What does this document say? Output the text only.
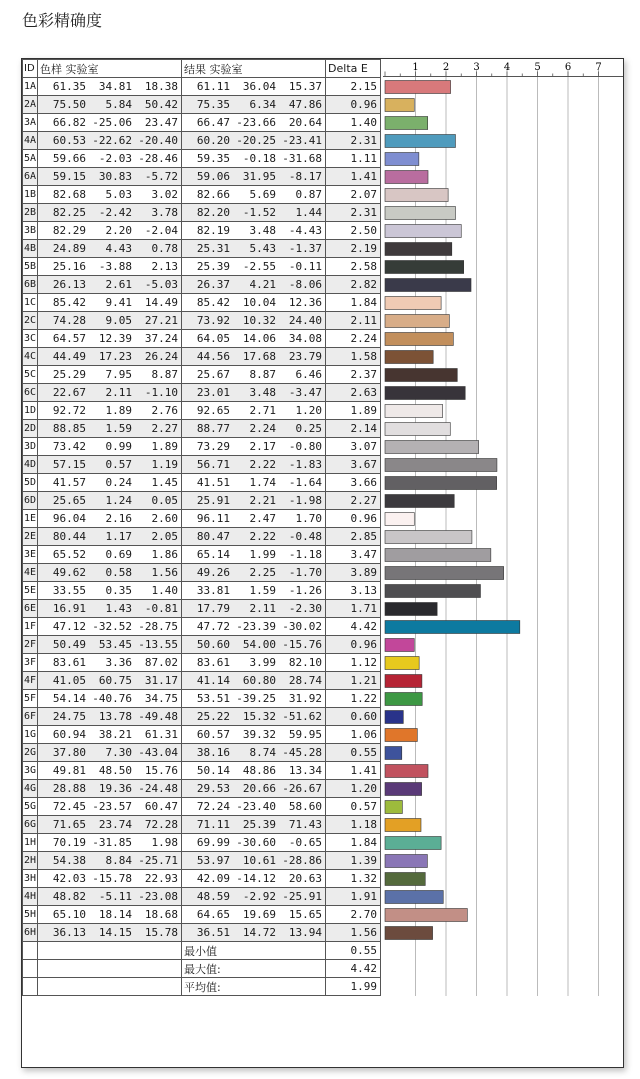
色彩精确度
ID	色样 实验室	结果 实验室	Delta E
1A	61.35 34.81 18.38	61.11 36.04 15.37	2.15
2A	75.50 5.84 50.42	75.35 6.34 47.86	0.96
3A	66.82 -25.06 23.47	66.47 -23.66 20.64	1.40
4A	60.53 -22.62 -20.40	60.20 -20.25 -23.41	2.31
5A	59.66 -2.03 -28.46	59.35 -0.18 -31.68	1.11
6A	59.15 30.83 -5.72	59.06 31.95 -8.17	1.41
1B	82.68 5.03 3.02	82.66 5.69 0.87	2.07
2B	82.25 -2.42 3.78	82.20 -1.52 1.44	2.31
3B	82.29 2.20 -2.04	82.19 3.48 -4.43	2.50
4B	24.89 4.43 0.78	25.31 5.43 -1.37	2.19
5B	25.16 -3.88 2.13	25.39 -2.55 -0.11	2.58
6B	26.13 2.61 -5.03	26.37 4.21 -8.06	2.82
1C	85.42 9.41 14.49	85.42 10.04 12.36	1.84
2C	74.28 9.05 27.21	73.92 10.32 24.40	2.11
3C	64.57 12.39 37.24	64.05 14.06 34.08	2.24
4C	44.49 17.23 26.24	44.56 17.68 23.79	1.58
5C	25.29 7.95 8.87	25.67 8.87 6.46	2.37
6C	22.67 2.11 -1.10	23.01 3.48 -3.47	2.63
1D	92.72 1.89 2.76	92.65 2.71 1.20	1.89
2D	88.85 1.59 2.27	88.77 2.24 0.25	2.14
3D	73.42 0.99 1.89	73.29 2.17 -0.80	3.07
4D	57.15 0.57 1.19	56.71 2.22 -1.83	3.67
5D	41.57 0.24 1.45	41.51 1.74 -1.64	3.66
6D	25.65 1.24 0.05	25.91 2.21 -1.98	2.27
1E	96.04 2.16 2.60	96.11 2.47 1.70	0.96
2E	80.44 1.17 2.05	80.47 2.22 -0.48	2.85
3E	65.52 0.69 1.86	65.14 1.99 -1.18	3.47
4E	49.62 0.58 1.56	49.26 2.25 -1.70	3.89
5E	33.55 0.35 1.40	33.81 1.59 -1.26	3.13
6E	16.91 1.43 -0.81	17.79 2.11 -2.30	1.71
1F	47.12 -32.52 -28.75	47.72 -23.39 -30.02	4.42
2F	50.49 53.45 -13.55	50.60 54.00 -15.76	0.96
3F	83.61 3.36 87.02	83.61 3.99 82.10	1.12
4F	41.05 60.75 31.17	41.14 60.80 28.74	1.21
5F	54.14 -40.76 34.75	53.51 -39.25 31.92	1.22
6F	24.75 13.78 -49.48	25.22 15.32 -51.62	0.60
1G	60.94 38.21 61.31	60.57 39.32 59.95	1.06
2G	37.80 7.30 -43.04	38.16 8.74 -45.28	0.55
3G	49.81 48.50 15.76	50.14 48.86 13.34	1.41
4G	28.88 19.36 -24.48	29.53 20.66 -26.67	1.20
5G	72.45 -23.57 60.47	72.24 -23.40 58.60	0.57
6G	71.65 23.74 72.28	71.11 25.39 71.43	1.18
1H	70.19 -31.85 1.98	69.99 -30.60 -0.65	1.84
2H	54.38 8.84 -25.71	53.97 10.61 -28.86	1.39
3H	42.03 -15.78 22.93	42.09 -14.12 20.63	1.32
4H	48.82 -5.11 -23.08	48.59 -2.92 -25.91	1.91
5H	65.10 18.14 18.68	64.65 19.69 15.65	2.70
6H	36.13 14.15 15.78	36.51 14.72 13.94	1.56
		最小值	0.55
		最大值:	4.42
		平均值:	1.99
1 2 3 4 5 6 7
